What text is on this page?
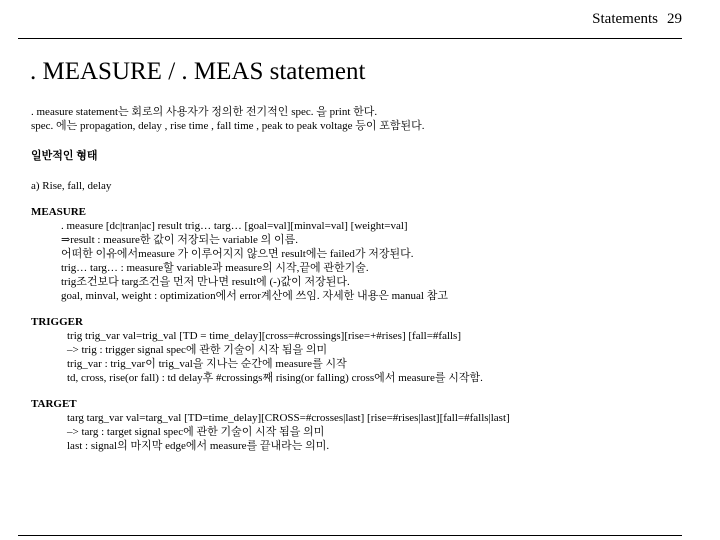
Statements 29
. MEASURE / . MEAS statement
. measure statement는 회로의 사용자가 정의한 전기적인 spec. 을 print 한다.
spec. 에는 propagation, delay , rise time , fall time , peak to peak voltage 등이 포함된다.
일반적인 형태
a) Rise, fall, delay
MEASURE
. measure [dc|tran|ac] result trig… targ… [goal=val][minval=val] [weight=val]
⇒result : measure한 값이 저장되는 variable 의 이름.
어떠한 이유에서measure 가 이루어지지 않으면 result에는 failed가 저장된다.
trig… targ… : measure할 variable과 measure의 시작,끝에 관한기술.
trig조건보다 targ조건을 먼저 만나면 result에 (-)값이 저장된다.
goal, minval, weight : optimization에서 error계산에 쓰임. 자세한 내용은 manual 참고
TRIGGER
trig trig_var val=trig_val [TD = time_delay][cross=#crossings][rise=+#rises] [fall=#falls]
–> trig : trigger signal spec에 관한 기술이 시작 됨을 의미
trig_var : trig_var이 trig_val을 지나는 순간에 measure를 시작
td, cross, rise(or fall) : td delay후 #crossings째 rising(or falling) cross에서 measure를 시작함.
TARGET
targ targ_var val=targ_val [TD=time_delay][CROSS=#crosses|last] [rise=#rises|last][fall=#falls|last]
–> targ : target signal spec에 관한 기술이 시작 됨을 의미
last : signal의 마지막 edge에서 measure를 끝내라는 의미.
